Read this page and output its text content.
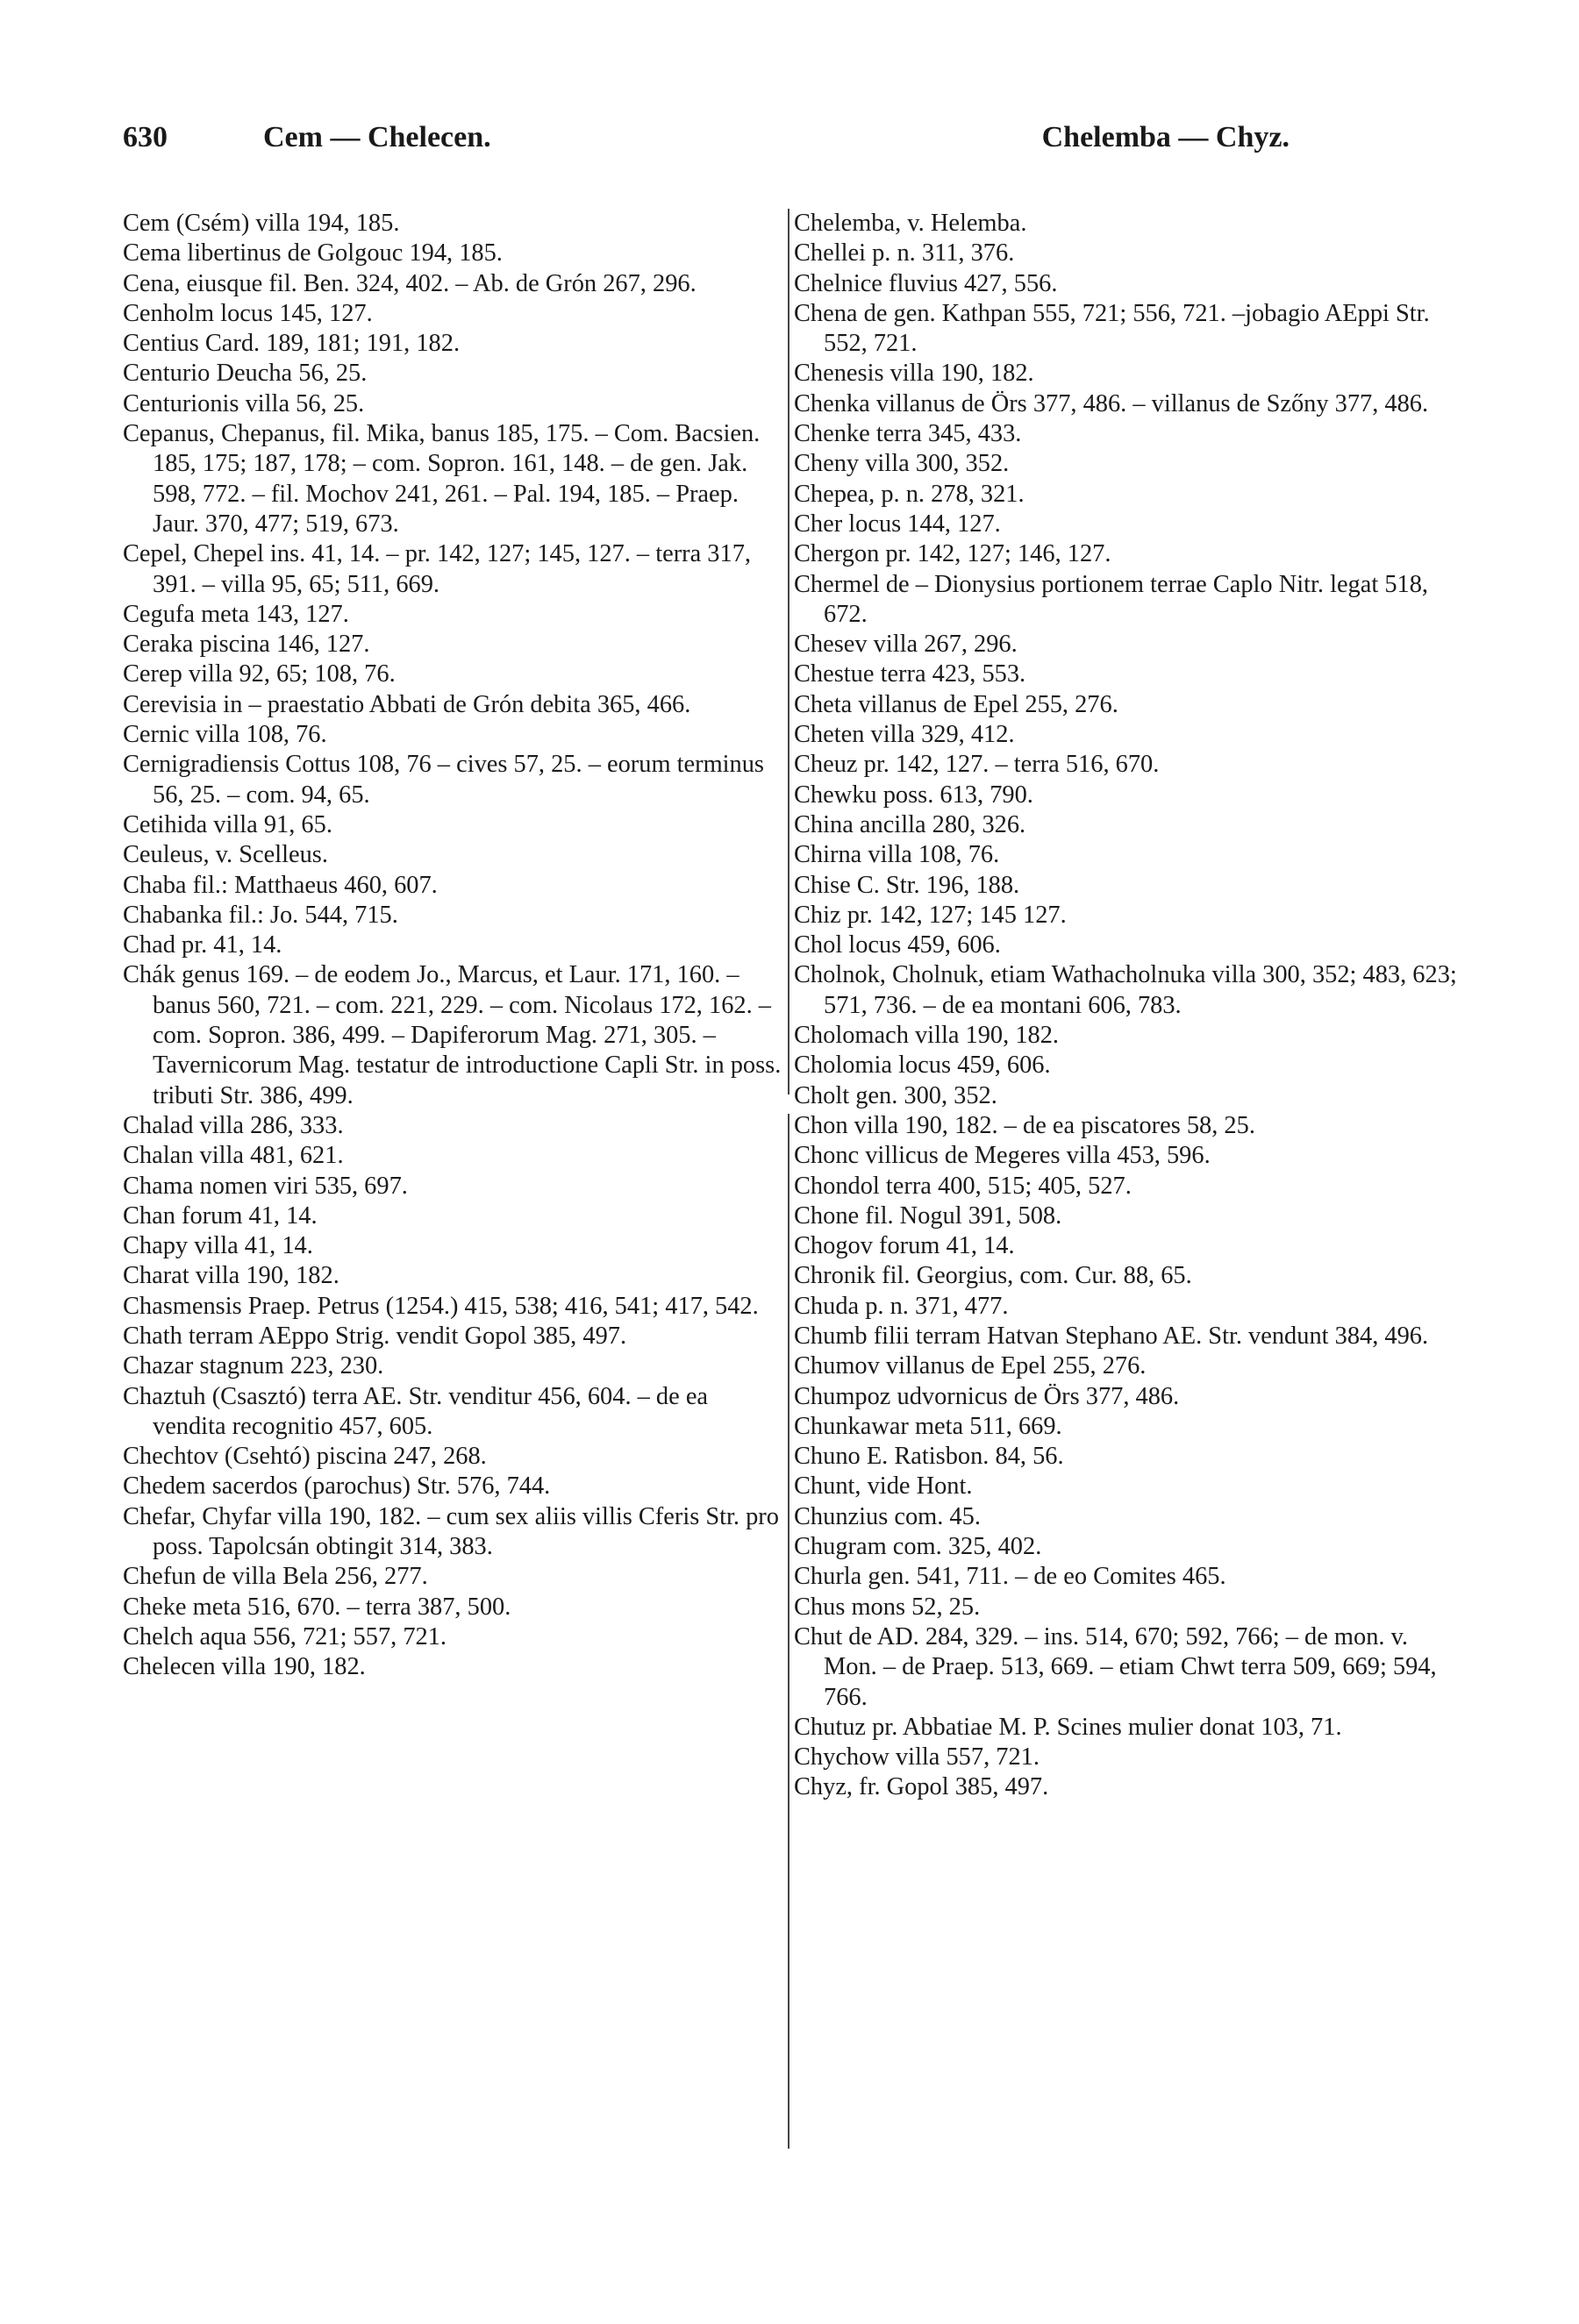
630	Cem — Chelecen.	Chelemba — Chyz.
Cem (Csém) villa 194, 185.
Cema libertinus de Golgouc 194, 185.
Cena, eiusque fil. Ben. 324, 402. – Ab. de Grón 267, 296.
Cenholm locus 145, 127.
Centius Card. 189, 181; 191, 182.
Centurio Deucha 56, 25.
Centurionis villa 56, 25.
Cepanus, Chepanus, fil. Mika, banus 185, 175. – Com. Bacsien. 185, 175; 187, 178; – com. Sopron. 161, 148. – de gen. Jak. 598, 772. – fil. Mochov 241, 261. – Pal. 194, 185. – Praep. Jaur. 370, 477; 519, 673.
Cepel, Chepel ins. 41, 14. – pr. 142, 127; 145, 127. – terra 317, 391. – villa 95, 65; 511, 669.
Cegufa meta 143, 127.
Ceraka piscina 146, 127.
Cerep villa 92, 65; 108, 76.
Cerevisia in – praestatio Abbati de Grón debita 365, 466.
Cernic villa 108, 76.
Cernigradiensis Cottus 108, 76 – cives 57, 25. – eorum terminus 56, 25. – com. 94, 65.
Cetihida villa 91, 65.
Ceuleus, v. Scelleus.
Chaba fil.: Matthaeus 460, 607.
Chabanka fil.: Jo. 544, 715.
Chad pr. 41, 14.
Chák genus 169. – de eodem Jo., Marcus, et Laur. 171, 160. – banus 560, 721. – com. 221, 229. – com. Nicolaus 172, 162. – com. Sopron. 386, 499. – Dapiferorum Mag. 271, 305. – Tavernicorum Mag. testatur de introductione Capli Str. in poss. tributi Str. 386, 499.
Chalad villa 286, 333.
Chalan villa 481, 621.
Chama nomen viri 535, 697.
Chan forum 41, 14.
Chapy villa 41, 14.
Charat villa 190, 182.
Chasmensis Praep. Petrus (1254.) 415, 538; 416, 541; 417, 542.
Chath terram AEppo Strig. vendit Gopol 385, 497.
Chazar stagnum 223, 230.
Chaztuh (Csasztó) terra AE. Str. venditur 456, 604. – de ea vendita recognitio 457, 605.
Chechtov (Csehtó) piscina 247, 268.
Chedem sacerdos (parochus) Str. 576, 744.
Chefar, Chyfar villa 190, 182. – cum sex aliis villis Cferis Str. pro poss. Tapolcsán obtingit 314, 383.
Chefun de villa Bela 256, 277.
Cheke meta 516, 670. – terra 387, 500.
Chelch aqua 556, 721; 557, 721.
Chelecen villa 190, 182.
Chelemba, v. Helemba.
Chellei p. n. 311, 376.
Chelnice fluvius 427, 556.
Chena de gen. Kathpan 555, 721; 556, 721. –jobagio AEppi Str. 552, 721.
Chenesis villa 190, 182.
Chenka villanus de Örs 377, 486. – villanus de Szőny 377, 486.
Chenke terra 345, 433.
Cheny villa 300, 352.
Chepea, p. n. 278, 321.
Cher locus 144, 127.
Chergon pr. 142, 127; 146, 127.
Chermel de – Dionysius portionem terrae Caplo Nitr. legat 518, 672.
Chesev villa 267, 296.
Chestue terra 423, 553.
Cheta villanus de Epel 255, 276.
Cheten villa 329, 412.
Cheuz pr. 142, 127. – terra 516, 670.
Chewku poss. 613, 790.
China ancilla 280, 326.
Chirna villa 108, 76.
Chise C. Str. 196, 188.
Chiz pr. 142, 127; 145 127.
Chol locus 459, 606.
Cholnok, Cholnuk, etiam Wathacholnuka villa 300, 352; 483, 623; 571, 736. – de ea montani 606, 783.
Cholomach villa 190, 182.
Cholomia locus 459, 606.
Cholt gen. 300, 352.
Chon villa 190, 182. – de ea piscatores 58, 25.
Chonc villicus de Megeres villa 453, 596.
Chondol terra 400, 515; 405, 527.
Chone fil. Nogul 391, 508.
Chogov forum 41, 14.
Chronik fil. Georgius, com. Cur. 88, 65.
Chuda p. n. 371, 477.
Chumb filii terram Hatvan Stephano AE. Str. vendunt 384, 496.
Chumov villanus de Epel 255, 276.
Chumpoz udvornicus de Örs 377, 486.
Chunkawar meta 511, 669.
Chuno E. Ratisbon. 84, 56.
Chunt, vide Hont.
Chunzius com. 45.
Chugram com. 325, 402.
Churla gen. 541, 711. – de eo Comites 465.
Chus mons 52, 25.
Chut de AD. 284, 329. – ins. 514, 670; 592, 766; – de mon. v. Mon. – de Praep. 513, 669. – etiam Chwt terra 509, 669; 594, 766.
Chutuz pr. Abbatiae M. P. Scines mulier donat 103, 71.
Chychow villa 557, 721.
Chyz, fr. Gopol 385, 497.
